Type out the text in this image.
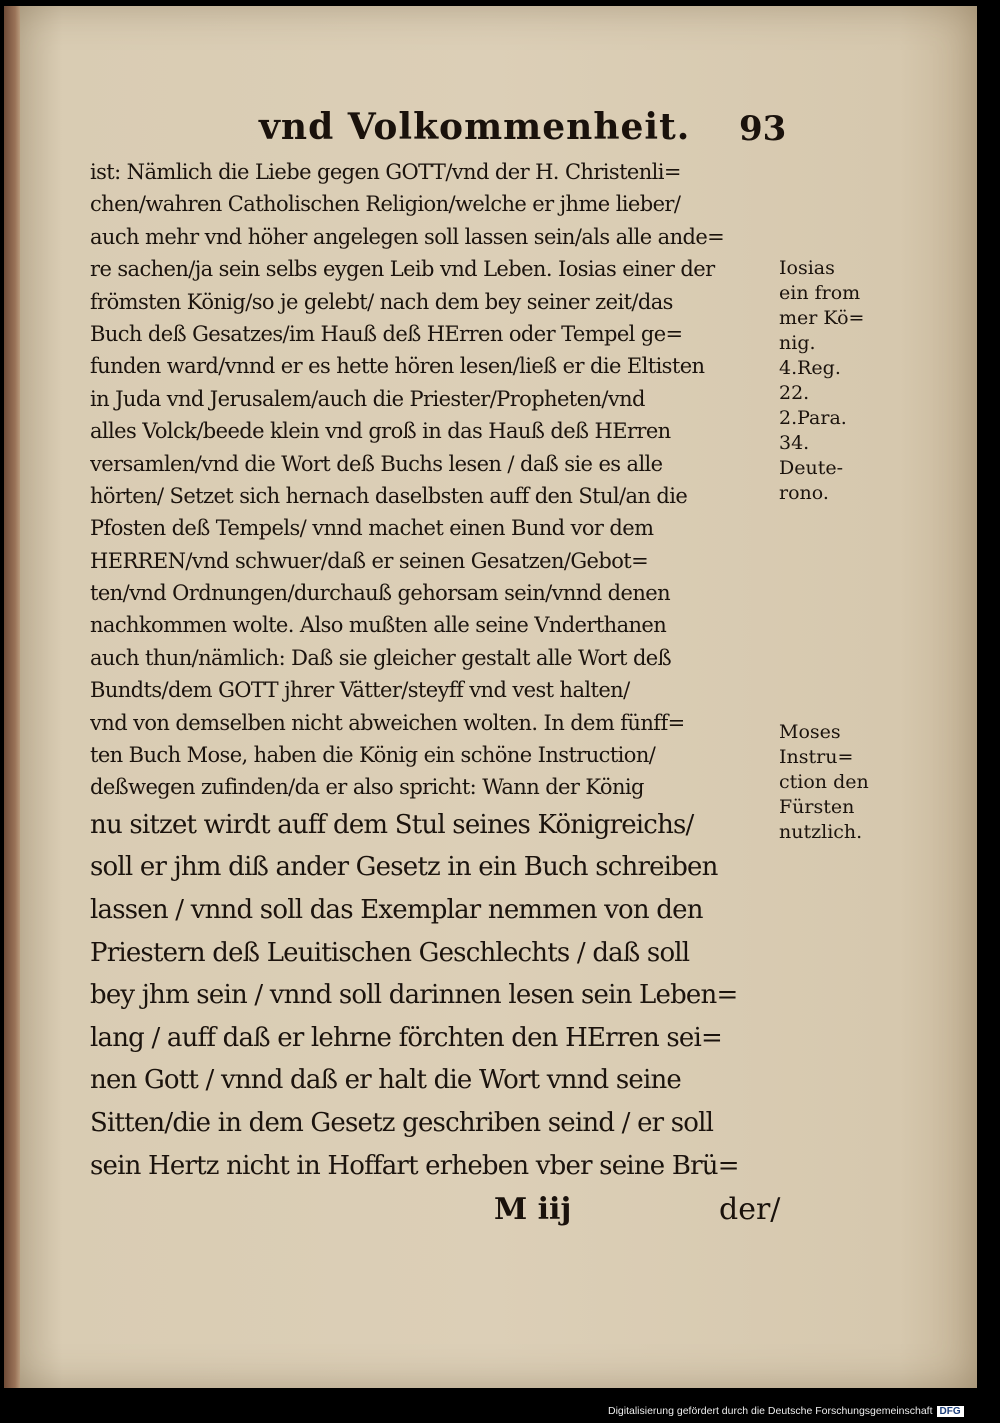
vnd Volkommenheit. 93
ist: Nämlich die Liebe gegen GOTT/vnd der H. Christenli=
chen/wahren Catholischen Religion/welche er jhme lieber/
auch mehr vnd höher angelegen soll lassen sein/als alle ande=
re sachen/ja sein selbs eygen Leib vnd Leben. Iosias einer der
frömsten König/so je gelebt/ nach dem bey seiner zeit/das
Buch deß Gesatzes/im Hauß deß HErren oder Tempel ge=
funden ward/vnnd er es hette hören lesen/ließ er die Eltisten
in Juda vnd Jerusalem/auch die Priester/Propheten/vnd
alles Volck/beede klein vnd groß in das Hauß deß HErren
versamlen/vnd die Wort deß Buchs lesen / daß sie es alle
hörten/ Setzet sich hernach daselbsten auff den Stul/an die
Pfosten deß Tempels/ vnnd machet einen Bund vor dem
HERREN/vnd schwuer/daß er seinen Gesatzen/Gebot=
ten/vnd Ordnungen/durchauß gehorsam sein/vnnd denen
nachkommen wolte. Also mußten alle seine Vnderthanen
auch thun/nämlich: Daß sie gleicher gestalt alle Wort deß
Bundts/dem GOTT jhrer Vätter/steyff vnd vest halten/
vnd von demselben nicht abweichen wolten. In dem fünff=
ten Buch Mose, haben die König ein schöne Instruction/
deßwegen zufinden/da er also spricht: Wann der König
nu sitzet wirdt auff dem Stul seines Königreichs/
soll er jhm diß ander Gesetz in ein Buch schreiben
lassen / vnnd soll das Exemplar nemmen von den
Priestern deß Leuitischen Geschlechts / daß soll
bey jhm sein / vnnd soll darinnen lesen sein Leben=
lang / auff daß er lehrne förchten den HErren sei=
nen Gott / vnnd daß er halt die Wort vnnd seine
Sitten/die in dem Gesetz geschriben seind / er soll
sein Hertz nicht in Hoffart erheben vber seine Brü=
Iosias
ein from
mer Kö=
nig.
4.Reg.
22.
2.Para.
34.
Deute-
rono.
Moses
Instru=
ction den
Fürsten
nutzlich.
M iij	der/
Digitalisierung gefördert durch die Deutsche Forschungsgemeinschaft DFG
